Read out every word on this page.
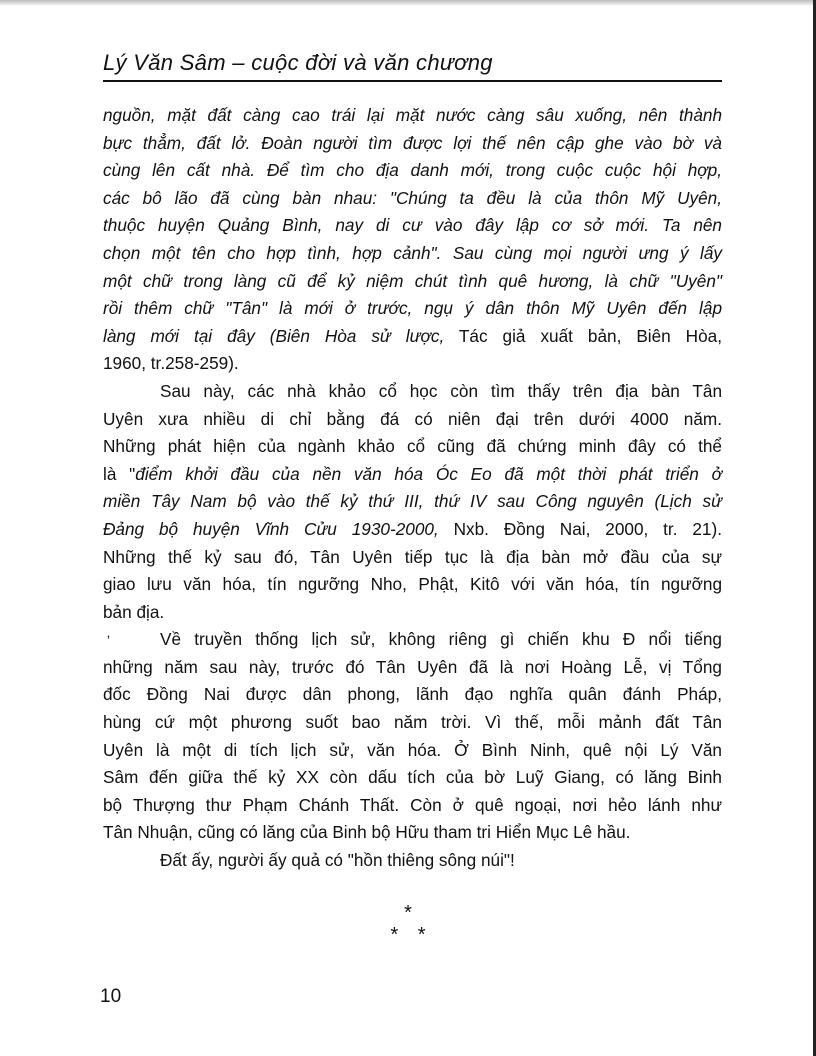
Lý Văn Sâm – cuộc đời và văn chương

nguồn, mặt đất càng cao trái lại mặt nước càng sâu xuống, nên thành
bực thẳm, đất lở. Đoàn người tìm được lợi thế nên cập ghe vào bờ và
cùng lên cất nhà. Để tìm cho địa danh mới, trong cuộc cuộc hội hợp,
các bô lão đã cùng bàn nhau: "Chúng ta đều là của thôn Mỹ Uyên,
thuộc huyện Quảng Bình, nay di cư vào đây lập cơ sở mới. Ta nên
chọn một tên cho hợp tình, hợp cảnh". Sau cùng mọi người ưng ý lấy
một chữ trong làng cũ để kỷ niệm chút tình quê hương, là chữ "Uyên"
rồi thêm chữ "Tân" là mới ở trước, ngụ ý dân thôn Mỹ Uyên đến lập
làng mới tại đây (Biên Hòa sử lược, Tác giả xuất bản, Biên Hòa,
1960, tr.258-259).

Sau này, các nhà khảo cổ học còn tìm thấy trên địa bàn Tân
Uyên xưa nhiều di chỉ bằng đá có niên đại trên dưới 4000 năm.
Những phát hiện của ngành khảo cổ cũng đã chứng minh đây có thể
là "điểm khởi đầu của nền văn hóa Óc Eo đã một thời phát triển ở
miền Tây Nam bộ vào thế kỷ thứ III, thứ IV sau Công nguyên (Lịch sử
Đảng bộ huyện Vĩnh Cửu 1930-2000, Nxb. Đồng Nai, 2000, tr. 21).
Những thế kỷ sau đó, Tân Uyên tiếp tục là địa bàn mở đầu của sự
giao lưu văn hóa, tín ngưỡng Nho, Phật, Kitô với văn hóa, tín ngưỡng
bản địa.

Về truyền thống lịch sử, không riêng gì chiến khu Đ nổi tiếng
những năm sau này, trước đó Tân Uyên đã là nơi Hoàng Lễ, vị Tổng
đốc Đồng Nai được dân phong, lãnh đạo nghĩa quân đánh Pháp,
hùng cứ một phương suốt bao năm trời. Vì thế, mỗi mảnh đất Tân
Uyên là một di tích lịch sử, văn hóa. Ở Bình Ninh, quê nội Lý Văn
Sâm đến giữa thế kỷ XX còn dấu tích của bờ Luỹ Giang, có lăng Binh
bộ Thượng thư Phạm Chánh Thất. Còn ở quê ngoại, nơi hẻo lánh như
Tân Nhuận, cũng có lăng của Binh bộ Hữu tham tri Hiển Mục Lê hầu.

Đất ấy, người ấy quả có "hồn thiêng sông núi"!

ʼ
*
* *
10
